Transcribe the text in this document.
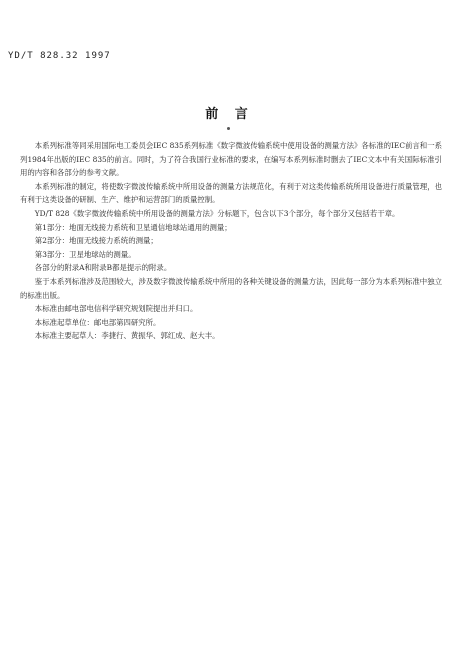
YD/T 828.32 1997
前 言

本系列标准等同采用国际电工委员会IEC 835系列标准《数字微波传输系统中使用设备的测量方法》各标准的IEC前言和一系列1984年出版的IEC 835的前言。同时，为了符合我国行业标准的要求，在编写本系列标准时删去了IEC文本中有关国际标准引用的内容和各部分的参考文献。

本系列标准的制定，将使数字微波传输系统中所用设备的测量方法规范化，有利于对这类传输系统所用设备进行质量管理，也有利于这类设备的研制、生产、维护和运营部门的质量控制。

YD/T 828《数字微波传输系统中所用设备的测量方法》分标题下，包含以下3个部分，每个部分又包括若干章。

第1部分：地面无线接力系统和卫星通信地球站通用的测量；

第2部分：地面无线接力系统的测量；

第3部分：卫星地球站的测量。

各部分的附录A和附录B都是提示的附录。

鉴于本系列标准涉及范围较大，涉及数字微波传输系统中所用的各种关键设备的测量方法，因此每一部分为本系列标准中独立的标准出版。

本标准由邮电部电信科学研究规划院提出并归口。

本标准起草单位：邮电部第四研究所。

本标准主要起草人：李捷行、黄振华、郭红成、赵大丰。
